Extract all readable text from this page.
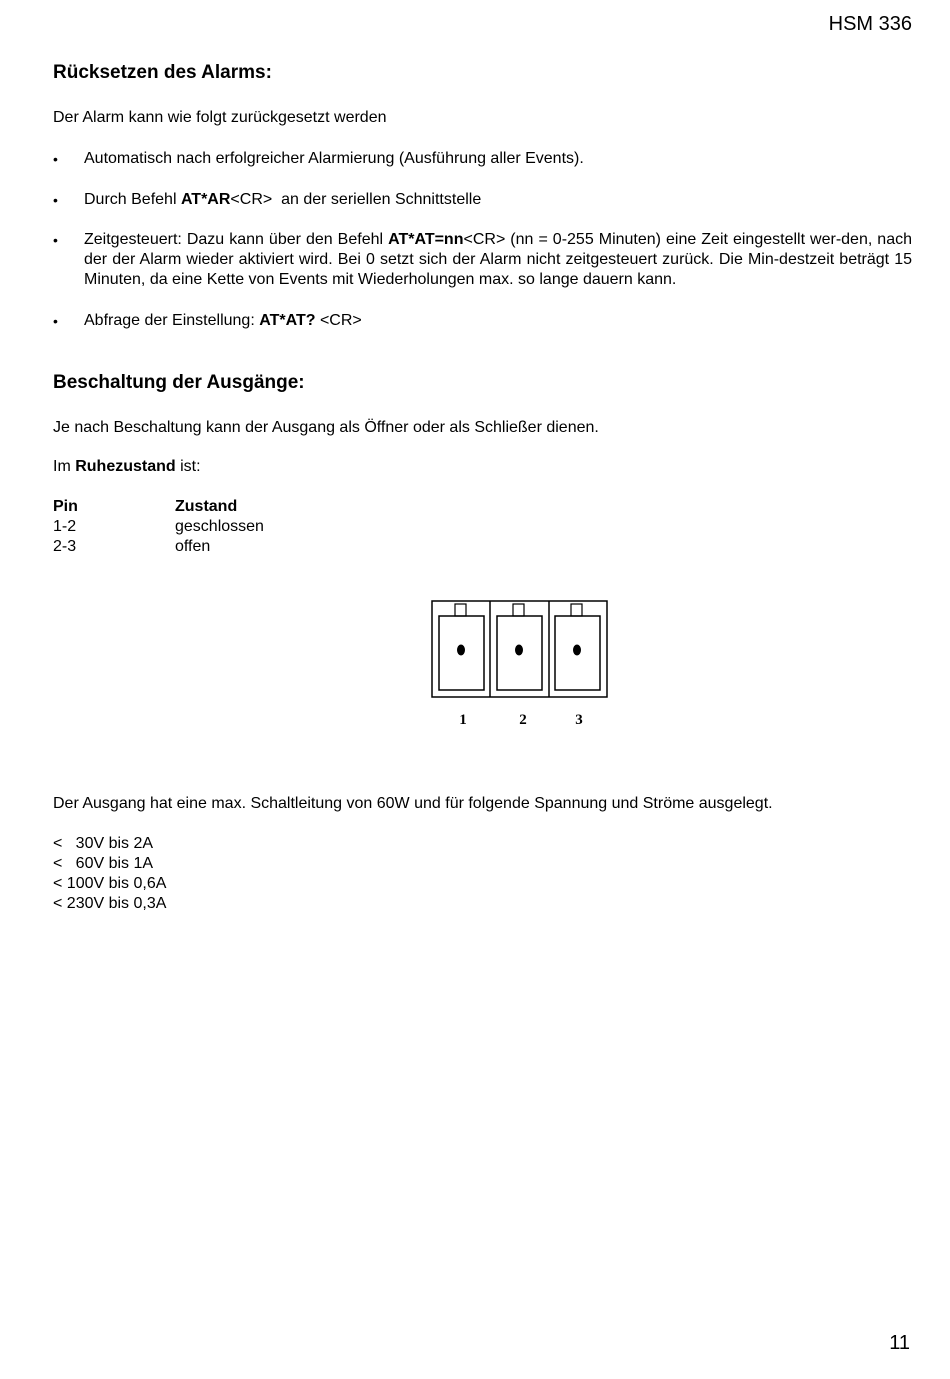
HSM 336
Rücksetzen des Alarms:
Der Alarm kann wie folgt zurückgesetzt werden
• Automatisch nach erfolgreicher Alarmierung (Ausführung aller Events).
• Durch Befehl AT*AR<CR>  an der seriellen Schnittstelle
• Zeitgesteuert: Dazu kann über den Befehl AT*AT=nn<CR> (nn = 0-255 Minuten) eine Zeit eingestellt wer-den, nach der der Alarm wieder aktiviert wird. Bei 0 setzt sich der Alarm nicht zeitgesteuert zurück. Die Min-destzeit beträgt 15 Minuten, da eine Kette von Events mit Wiederholungen max. so lange dauern kann.
• Abfrage der Einstellung: AT*AT? <CR>
Beschaltung der Ausgänge:
Je nach Beschaltung kann der Ausgang als Öffner oder als Schließer dienen.
Im Ruhezustand ist:
Pin	Zustand
1-2	geschlossen
2-3	offen
1	2	3
Der Ausgang hat eine max. Schaltleitung von 60W und für folgende Spannung und Ströme ausgelegt.
<   30V bis 2A
<   60V bis 1A
< 100V bis 0,6A
< 230V bis 0,3A
11
